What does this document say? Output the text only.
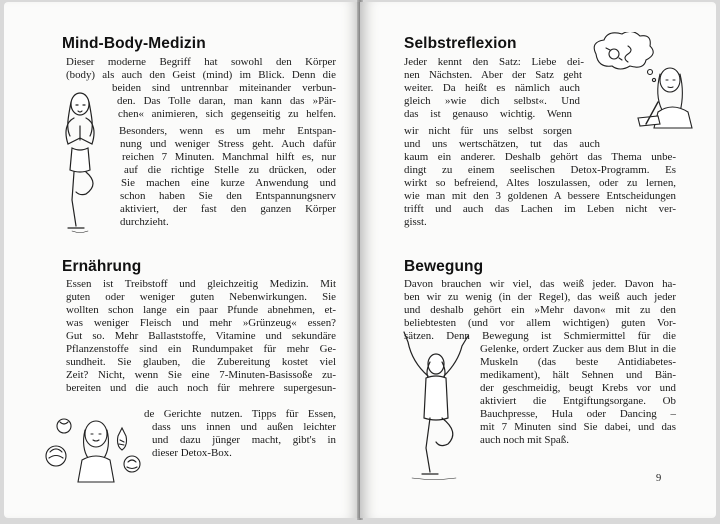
Mind-Body-Medizin
Dieser moderne Begriff hat sowohl den Körper
(body) als auch den Geist (mind) im Blick. Denn die
beiden sind untrennbar miteinander verbun-
den. Das Tolle daran, man kann das »Pär-
chen« animieren, sich gegenseitig zu helfen.
Besonders, wenn es um mehr Entspan-
nung und weniger Stress geht. Auch dafür
reichen 7 Minuten. Manchmal hilft es, nur
auf die richtige Stelle zu drücken, oder
Sie machen eine kurze Anwendung und
schon haben Sie den Entspannungsnerv
aktiviert, der fast den ganzen Körper
durchzieht.
Ernährung
Essen ist Treibstoff und gleichzeitig Medizin. Mit
guten oder weniger guten Nebenwirkungen. Sie
wollten schon lange ein paar Pfunde abnehmen, et-
was weniger Fleisch und mehr »Grünzeug« essen?
Gut so. Mehr Ballaststoffe, Vitamine und sekundäre
Pflanzenstoffe sind ein Rundumpaket für mehr Ge-
sundheit. Sie glauben, die Zubereitung kostet viel
Zeit? Nicht, wenn Sie eine 7-Minuten-Basissoße zu-
bereiten und die auch noch für mehrere supergesun-
de Gerichte nutzen. Tipps für Essen,
dass uns innen und außen leichter
und dazu jünger macht, gibt's in
dieser Detox-Box.
Selbstreflexion
Jeder kennt den Satz: Liebe dei-
nen Nächsten. Aber der Satz geht
weiter. Da heißt es nämlich auch
gleich »wie dich selbst«. Und
das ist genauso wichtig. Wenn
wir nicht für uns selbst sorgen
und uns wertschätzen, tut das auch
kaum ein anderer. Deshalb gehört das Thema unbe-
dingt zu einem seelischen Detox-Programm. Es
wirkt so befreiend, Altes loszulassen, oder zu lernen,
wie man mit den 3 goldenen A bessere Entscheidungen
trifft und auch das Lachen im Leben nicht ver-
gisst.
Bewegung
Davon brauchen wir viel, das weiß jeder. Davon ha-
ben wir zu wenig (in der Regel), das weiß auch jeder
und deshalb gehört ein »Mehr davon« mit zu den
beliebtesten (und vor allem wichtigen) guten Vor-
sätzen. Denn Bewegung ist Schmiermittel für die
Gelenke, ordert Zucker aus dem Blut in die
Muskeln (das beste Antidiabetes-
medikament), hält Sehnen und Bän-
der geschmeidig, beugt Krebs vor und
aktiviert die Entgiftungsorgane. Ob
Bauchpresse, Hula oder Dancing –
mit 7 Minuten sind Sie dabei, und das
auch noch mit Spaß.
9
